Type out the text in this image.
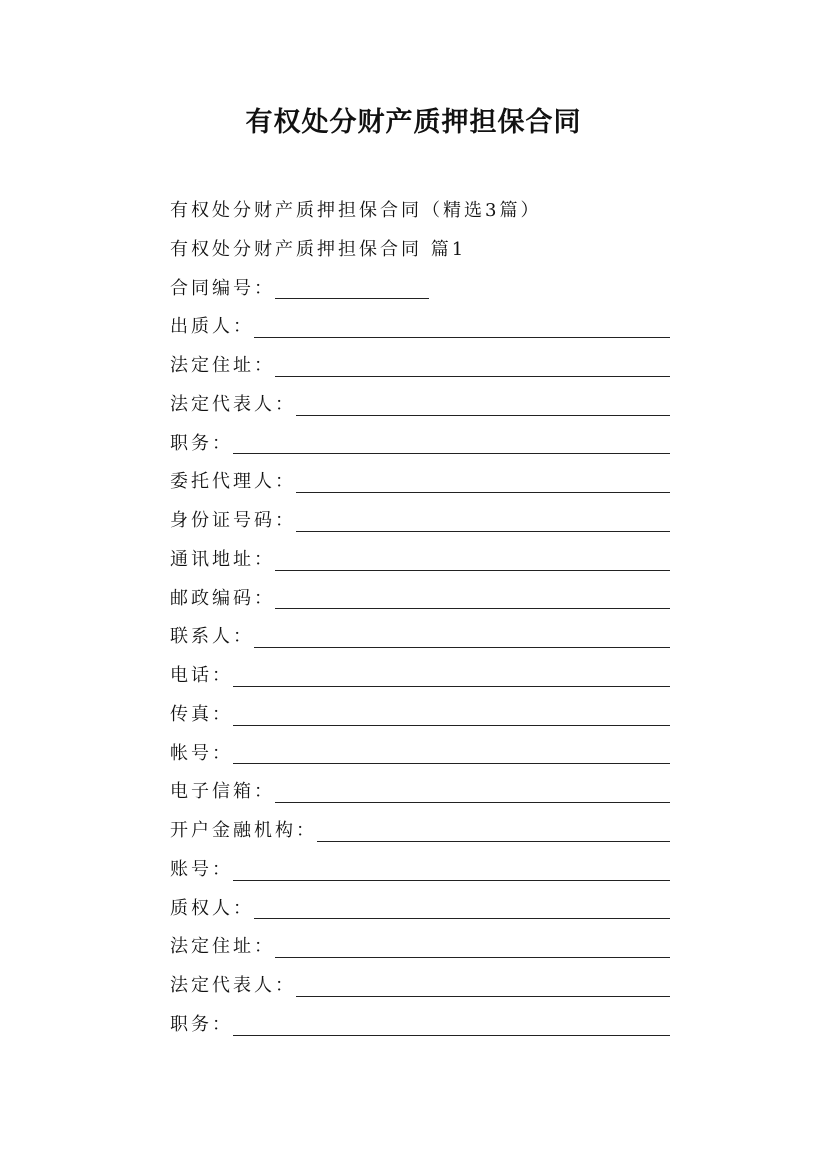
有权处分财产质押担保合同
有权处分财产质押担保合同（精选3篇）
有权处分财产质押担保合同 篇1
合同编号：
出质人：
法定住址：
法定代表人：
职务：
委托代理人：
身份证号码：
通讯地址：
邮政编码：
联系人：
电话：
传真：
帐号：
电子信箱：
开户金融机构：
账号：
质权人：
法定住址：
法定代表人：
职务：
